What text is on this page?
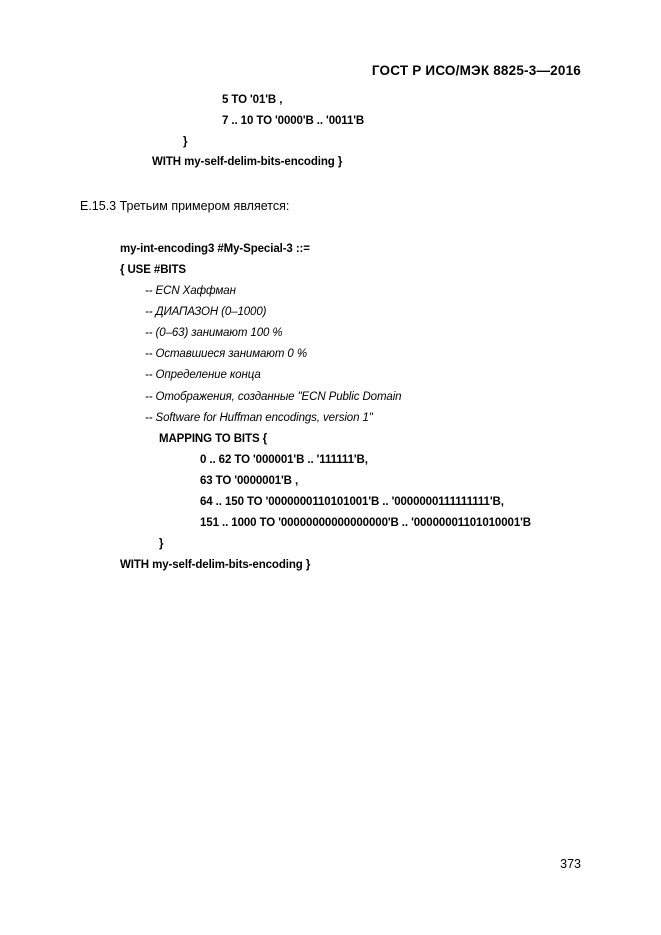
ГОСТ Р ИСО/МЭК 8825-3—2016
5 TO '01'B ,
7 .. 10 TO '0000'B .. '0011'B
}
WITH my-self-delim-bits-encoding }
E.15.3 Третьим примером является:
my-int-encoding3 #My-Special-3 ::=
{ USE #BITS
-- ECN Хаффман
-- ДИАПАЗОН (0–1000)
-- (0–63) занимают 100 %
-- Оставшиеся занимают 0 %
-- Определение конца
-- Отображения, созданные "ECN Public Domain
-- Software for Huffman encodings, version 1"
MAPPING TO BITS {
0 .. 62 TO '000001'B .. '111111'B,
63 TO '0000001'B ,
64 .. 150 TO '0000000110101001'B .. '0000000111111111'B,
151 .. 1000 TO '00000000000000000'B .. '00000001101010001'B
}
WITH my-self-delim-bits-encoding }
373
